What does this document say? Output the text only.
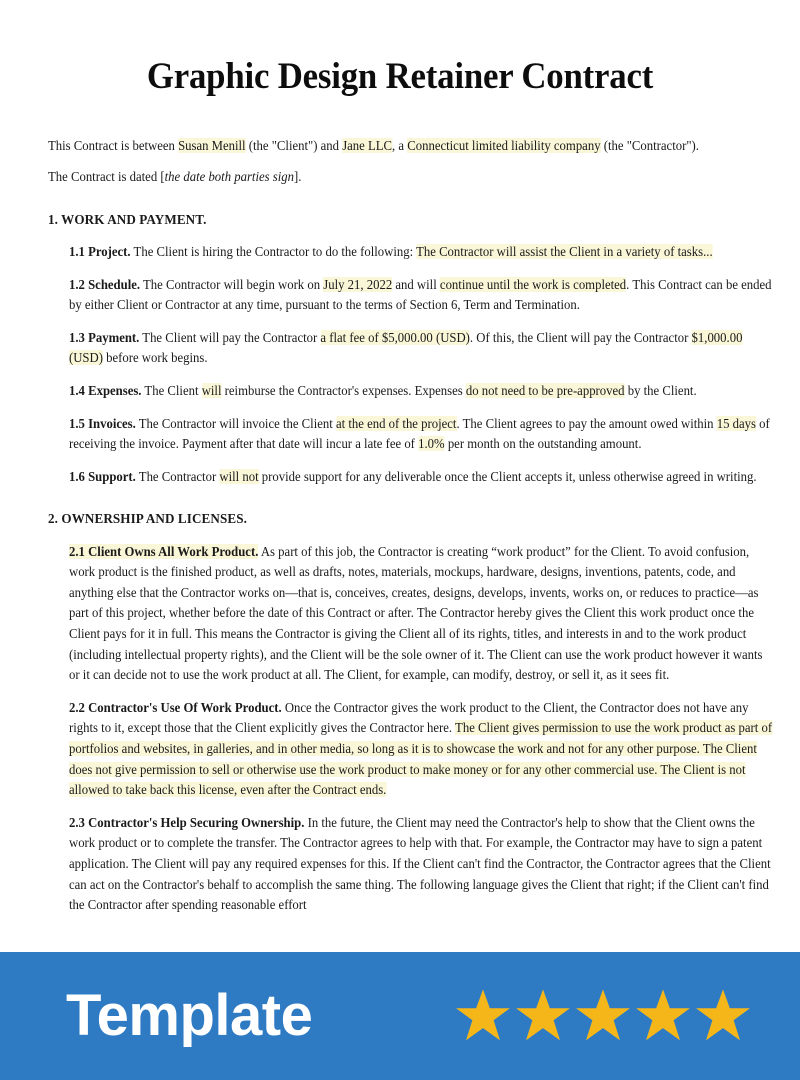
Graphic Design Retainer Contract

This Contract is between Susan Menill (the "Client") and Jane LLC, a Connecticut limited liability company (the "Contractor").

The Contract is dated [the date both parties sign].

1. WORK AND PAYMENT.

1.1 Project. The Client is hiring the Contractor to do the following: The Contractor will assist the Client in a variety of tasks...

1.2 Schedule. The Contractor will begin work on July 21, 2022 and will continue until the work is completed. This Contract can be ended by either Client or Contractor at any time, pursuant to the terms of Section 6, Term and Termination.

1.3 Payment. The Client will pay the Contractor a flat fee of $5,000.00 (USD). Of this, the Client will pay the Contractor $1,000.00 (USD) before work begins.

1.4 Expenses. The Client will reimburse the Contractor's expenses. Expenses do not need to be pre-approved by the Client.

1.5 Invoices. The Contractor will invoice the Client at the end of the project. The Client agrees to pay the amount owed within 15 days of receiving the invoice. Payment after that date will incur a late fee of 1.0% per month on the outstanding amount.

1.6 Support. The Contractor will not provide support for any deliverable once the Client accepts it, unless otherwise agreed in writing.

2. OWNERSHIP AND LICENSES.

2.1 Client Owns All Work Product. As part of this job, the Contractor is creating “work product” for the Client. To avoid confusion, work product is the finished product, as well as drafts, notes, materials, mockups, hardware, designs, inventions, patents, code, and anything else that the Contractor works on—that is, conceives, creates, designs, develops, invents, works on, or reduces to practice—as part of this project, whether before the date of this Contract or after. The Contractor hereby gives the Client this work product once the Client pays for it in full. This means the Contractor is giving the Client all of its rights, titles, and interests in and to the work product (including intellectual property rights), and the Client will be the sole owner of it. The Client can use the work product however it wants or it can decide not to use the work product at all. The Client, for example, can modify, destroy, or sell it, as it sees fit.

2.2 Contractor's Use Of Work Product. Once the Contractor gives the work product to the Client, the Contractor does not have any rights to it, except those that the Client explicitly gives the Contractor here. The Client gives permission to use the work product as part of portfolios and websites, in galleries, and in other media, so long as it is to showcase the work and not for any other purpose. The Client does not give permission to sell or otherwise use the work product to make money or for any other commercial use. The Client is not allowed to take back this license, even after the Contract ends.

2.3 Contractor's Help Securing Ownership. In the future, the Client may need the Contractor's help to show that the Client owns the work product or to complete the transfer. The Contractor agrees to help with that. For example, the Contractor may have to sign a patent application. The Client will pay any required expenses for this. If the Client can't find the Contractor, the Contractor agrees that the Client can act on the Contractor's behalf to accomplish the same thing. The following language gives the Client that right; if the Client can't find the Contractor after spending reasonable effort

Template
